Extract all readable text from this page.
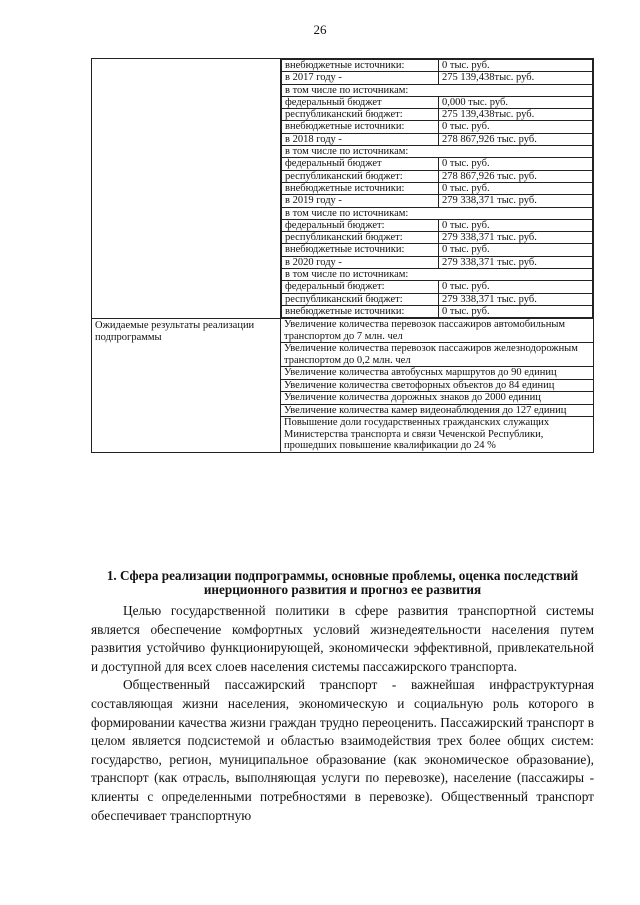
26

внебюджетные источники:	0 тыс. руб.
в 2017 году -	275 139,438тыс. руб.
в том числе по источникам:
федеральный бюджет	0,000 тыс. руб.
республиканский бюджет:	275 139,438тыс. руб.
внебюджетные источники:	0 тыс. руб.
в 2018 году -	278 867,926 тыс. руб.
в том числе по источникам:
федеральный бюджет	0 тыс. руб.
республиканский бюджет:	278 867,926 тыс. руб.
внебюджетные источники:	0 тыс. руб.
в 2019 году -	279 338,371 тыс. руб.
в том числе по источникам:
федеральный бюджет:	0 тыс. руб.
республиканский бюджет:	279 338,371 тыс. руб.
внебюджетные источники:	0 тыс. руб.
в 2020 году -	279 338,371 тыс. руб.
в том числе по источникам:
федеральный бюджет:	0 тыс. руб.
республиканский бюджет:	279 338,371 тыс. руб.
внебюджетные источники:	0 тыс. руб.

Ожидаемые результаты реализации подпрограммы

Увеличение количества перевозок пассажиров автомобильным транспортом до 7 млн. чел
Увеличение количества перевозок пассажиров железнодорожным транспортом до 0,2 млн. чел
Увеличение количества автобусных маршрутов до 90 единиц
Увеличение количества светофорных объектов до 84 единиц
Увеличение количества дорожных знаков до 2000 единиц
Увеличение количества камер видеонаблюдения до 127 единиц
Повышение доли государственных гражданских служащих Министерства транспорта и связи Чеченской Республики, прошедших повышение квалификации до 24 %
1. Сфера реализации подпрограммы, основные проблемы, оценка последствий инерционного развития и прогноз ее развития

Целью государственной политики в сфере развития транспортной системы является обеспечение комфортных условий жизнедеятельности населения путем развития устойчиво функционирующей, экономически эффективной, привлекательной и доступной для всех слоев населения системы пассажирского транспорта.

Общественный пассажирский транспорт - важнейшая инфраструктурная составляющая жизни населения, экономическую и социальную роль которого в формировании качества жизни граждан трудно переоценить. Пассажирский транспорт в целом является подсистемой и областью взаимодействия трех более общих систем: государство, регион, муниципальное образование (как экономическое образование), транспорт (как отрасль, выполняющая услуги по перевозке), население (пассажиры - клиенты с определенными потребностями в перевозке). Общественный транспорт обеспечивает транспортную
